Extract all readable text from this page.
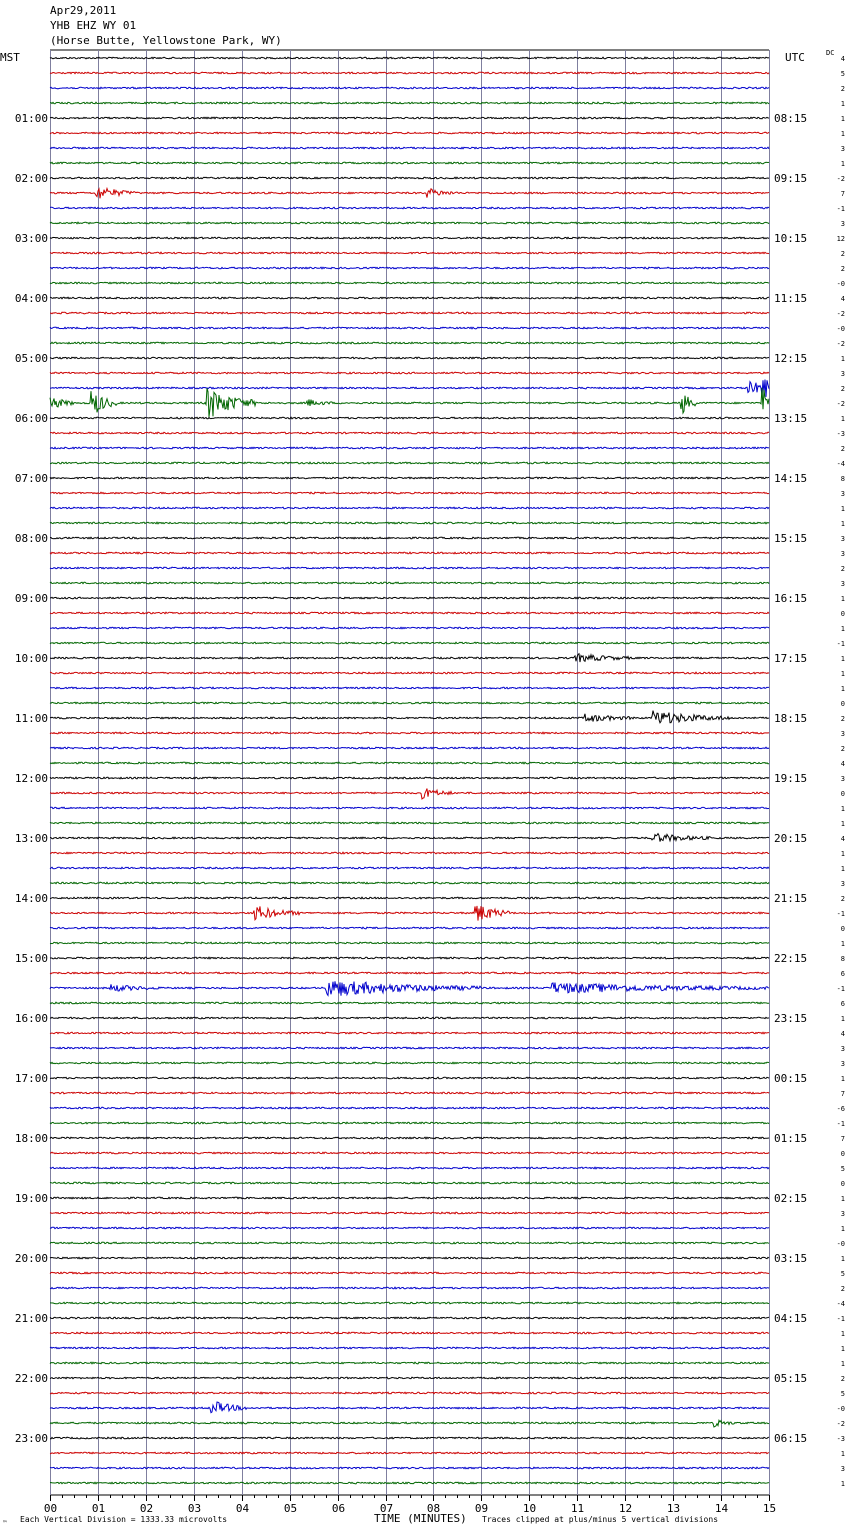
Apr29,2011
YHB EHZ WY 01
(Horse Butte, Yellowstone Park, WY)
MST	UTC	DC
01:00
02:00
03:00
04:00
05:00
06:00
07:00
08:00
09:00
10:00
11:00
12:00
13:00
14:00
15:00
16:00
17:00
18:00
19:00
20:00
21:00
22:00
23:00
08:15
09:15
10:15
11:15
12:15
13:15
14:15
15:15
16:15
17:15
18:15
19:15
20:15
21:15
22:15
23:15
00:15
01:15
02:15
03:15
04:15
05:15
06:15
4
5
2
1
1
1
3
1
-2
7
-1
3
12
2
2
-0
4
-2
-0
-2
1
3
2
-2
1
-3
2
-4
8
3
1
1
3
3
2
3
1
0
1
-1
1
1
1
0
2
3
2
4
3
0
1
1
4
1
1
3
2
-1
0
1
8
6
-1
6
1
4
3
3
1
7
-6
-1
7
0
5
0
1
3
1
-0
1
5
2
-4
-1
1
1
1
2
5
-0
-2
-3
1
3
1
00	01	02	03	04	05	06	07	08	09	10	11	12	13	14	15
™ Each Vertical Division = 1333.33 microvolts	TIME (MINUTES) Traces clipped at plus/minus 5 vertical divisions
